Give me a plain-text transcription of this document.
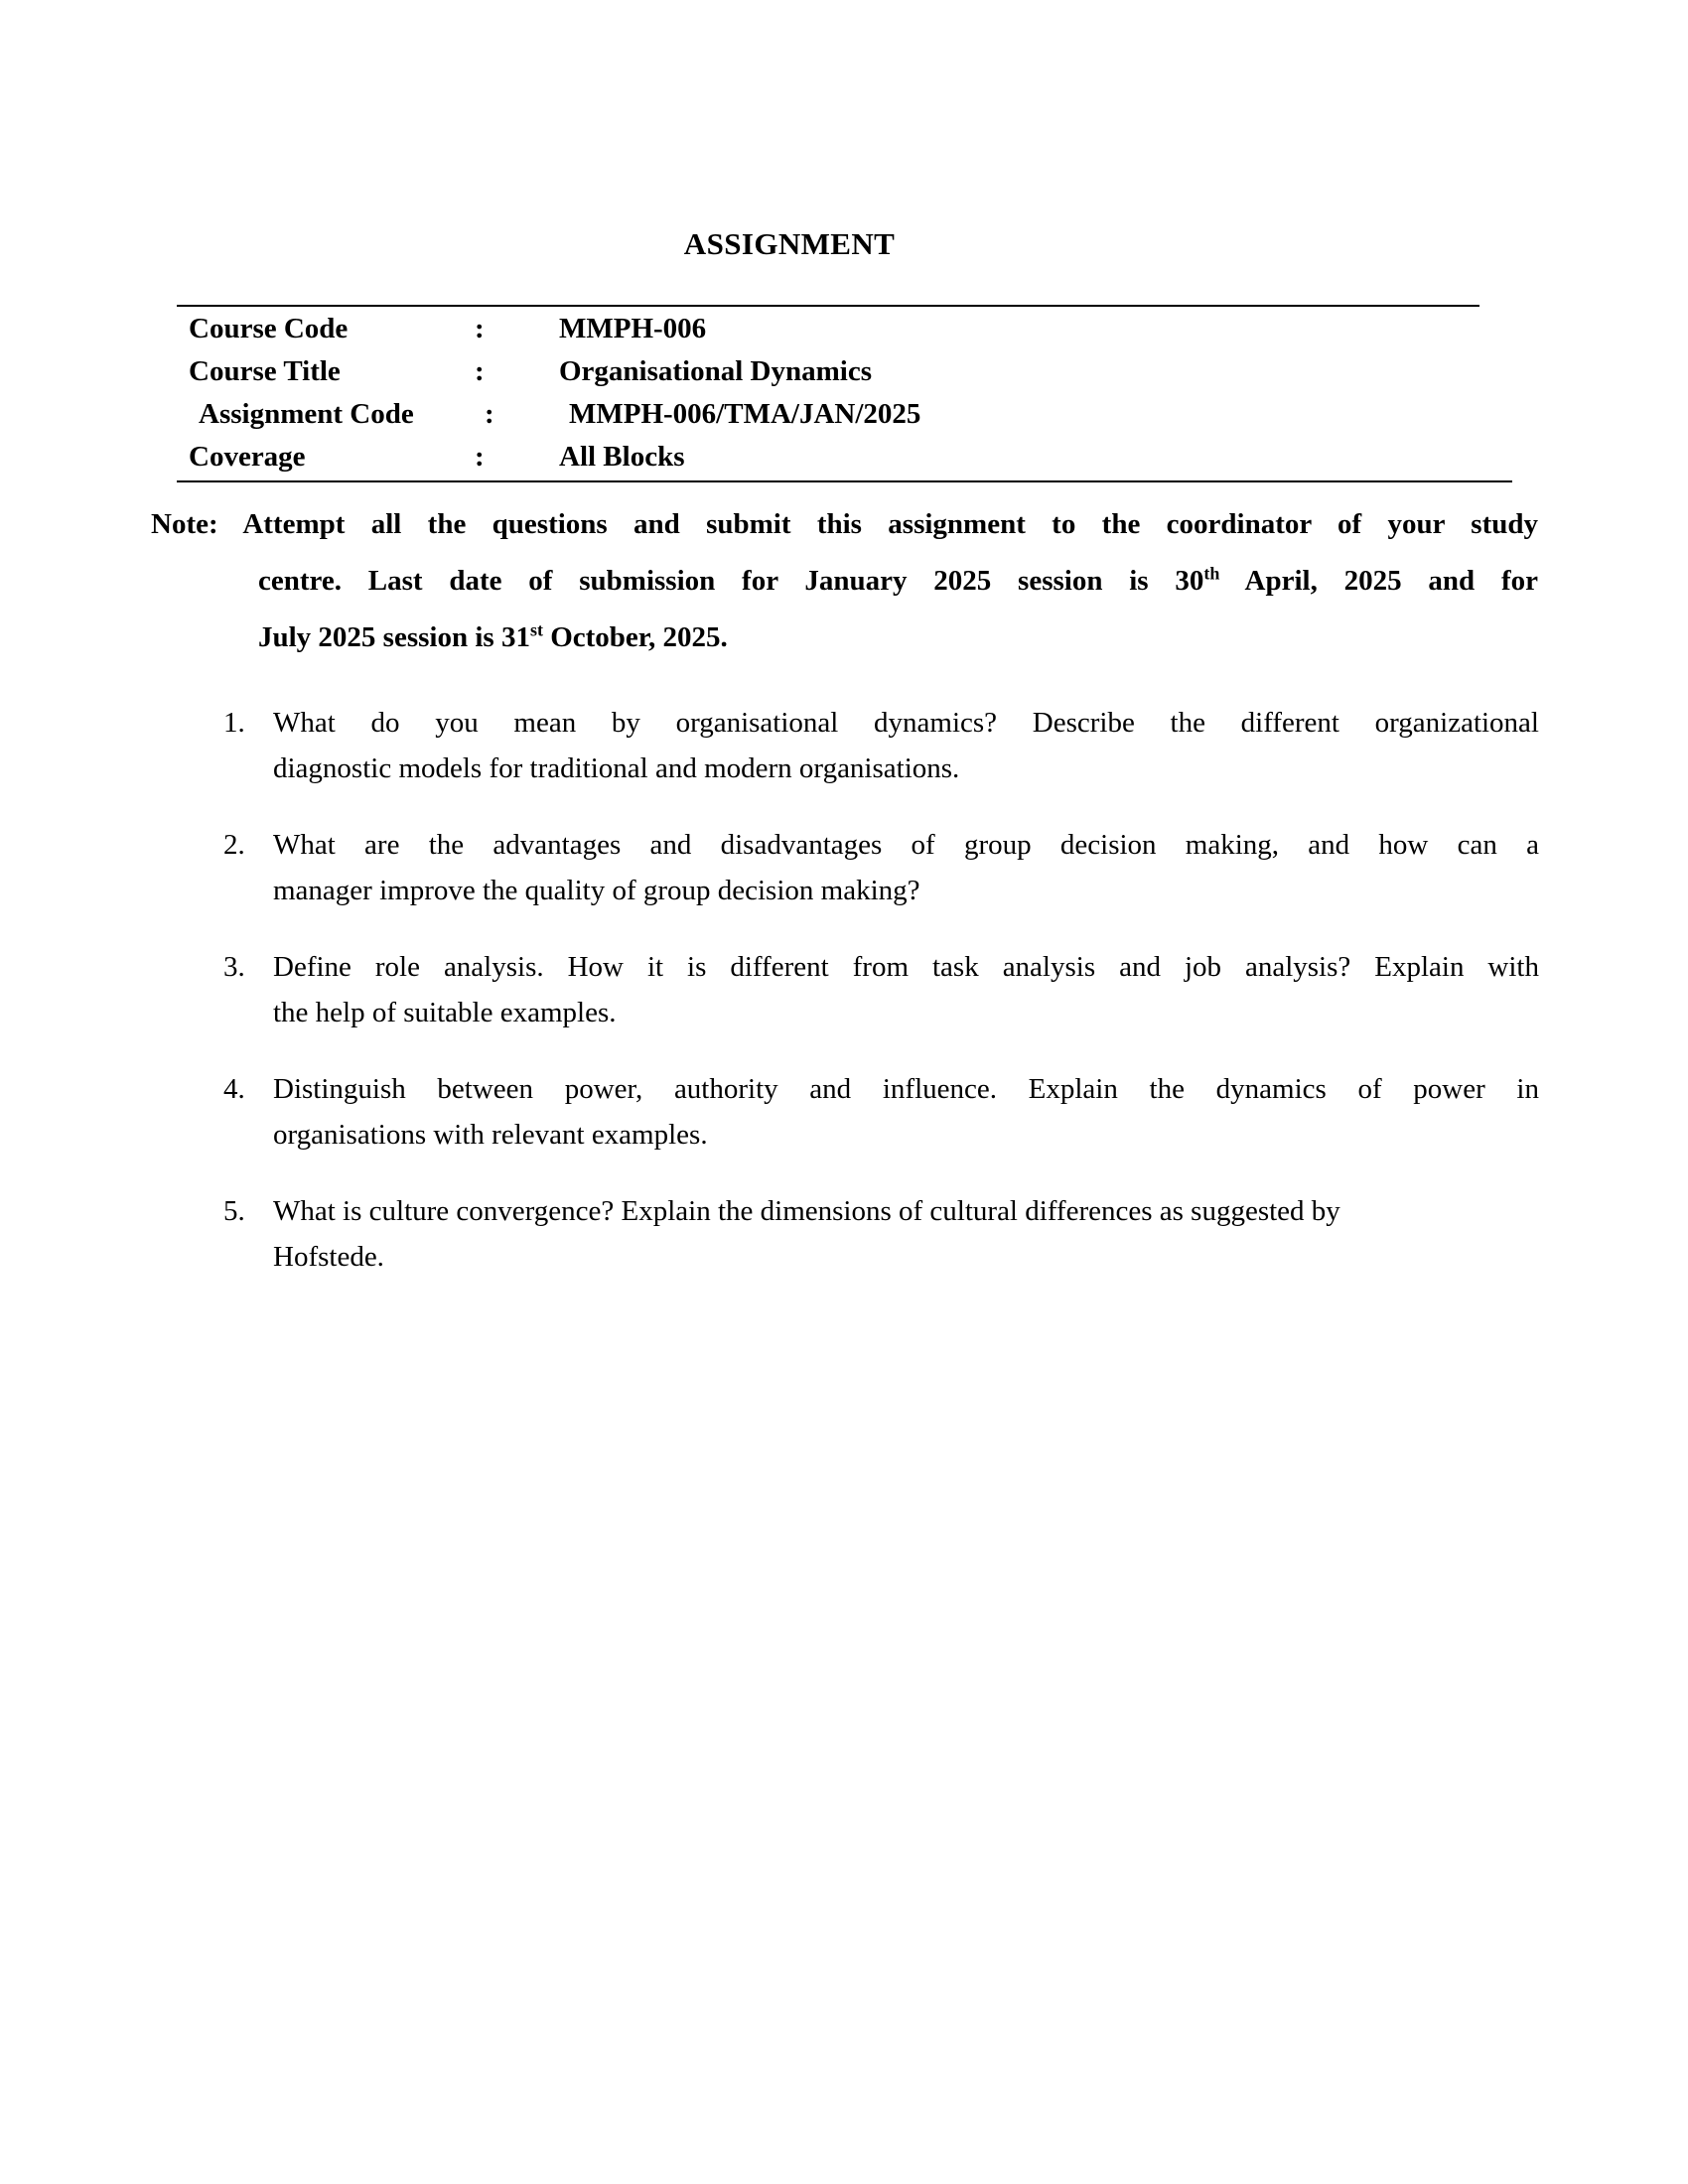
ASSIGNMENT
Course Code	:	MMPH-006
Course Title	:	Organisational Dynamics
Assignment Code	:	MMPH-006/TMA/JAN/2025
Coverage	:	All Blocks
Note: Attempt all the questions and submit this assignment to the coordinator of your study
centre. Last date of submission for January 2025 session is 30th April, 2025 and for
July 2025 session is 31st October, 2025.
1. What do you mean by organisational dynamics? Describe the different organizational
diagnostic models for traditional and modern organisations.
2. What are the advantages and disadvantages of group decision making, and how can a
manager improve the quality of group decision making?
3. Define role analysis. How it is different from task analysis and job analysis? Explain with
the help of suitable examples.
4. Distinguish between power, authority and influence. Explain the dynamics of power in
organisations with relevant examples.
5. What is culture convergence? Explain the dimensions of cultural differences as suggested by
Hofstede.
